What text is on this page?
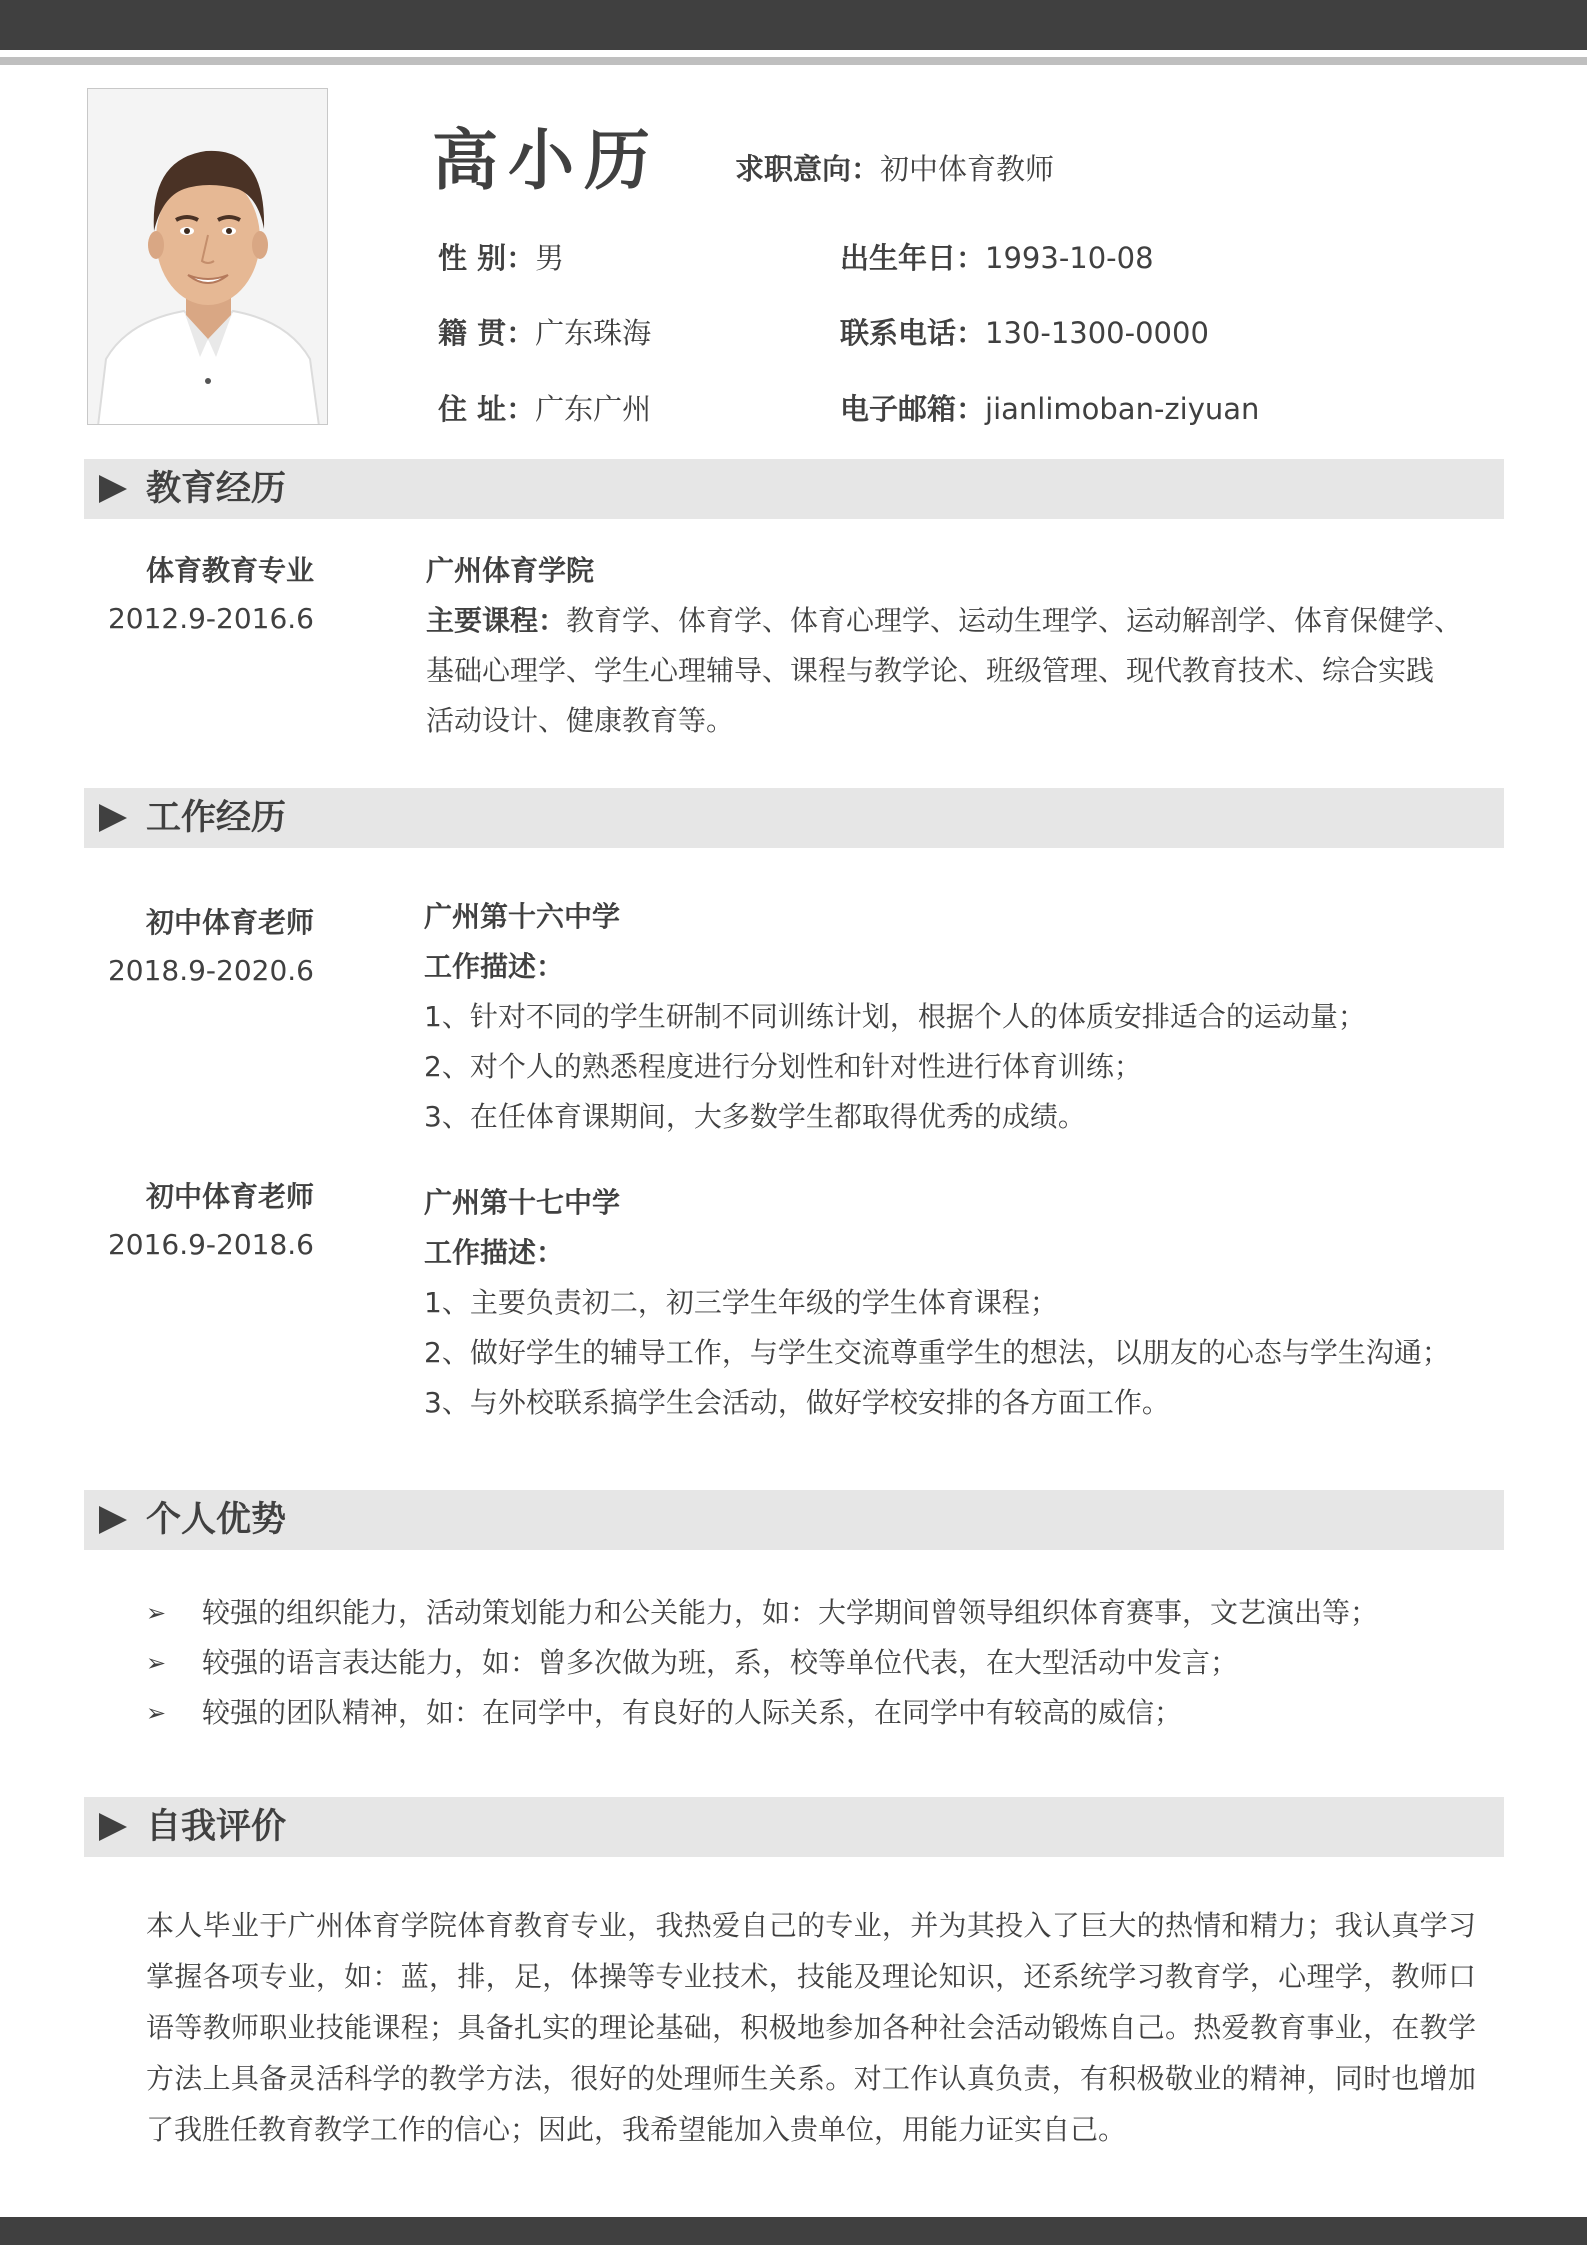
高小历	求职意向：初中体育教师
性 别：男	出生年日：1993-10-08
籍 贯：广东珠海	联系电话：130-1300-0000
住 址：广东广州	电子邮箱：jianlimoban-ziyuan
教育经历
体育教育专业
2012.9-2016.6
广州体育学院
主要课程：教育学、体育学、体育心理学、运动生理学、运动解剖学、体育保健学、
基础心理学、学生心理辅导、课程与教学论、班级管理、现代教育技术、综合实践
活动设计、健康教育等。
工作经历
初中体育老师
2018.9-2020.6
广州第十六中学
工作描述：
1、针对不同的学生研制不同训练计划，根据个人的体质安排适合的运动量；
2、对个人的熟悉程度进行分划性和针对性进行体育训练；
3、在任体育课期间，大多数学生都取得优秀的成绩。
初中体育老师
2016.9-2018.6
广州第十七中学
工作描述：
1、主要负责初二，初三学生年级的学生体育课程；
2、做好学生的辅导工作，与学生交流尊重学生的想法，以朋友的心态与学生沟通；
3、与外校联系搞学生会活动，做好学校安排的各方面工作。
个人优势
➢ 较强的组织能力，活动策划能力和公关能力，如：大学期间曾领导组织体育赛事，文艺演出等；
➢ 较强的语言表达能力，如：曾多次做为班，系，校等单位代表，在大型活动中发言；
➢ 较强的团队精神，如：在同学中，有良好的人际关系，在同学中有较高的威信；
自我评价
本人毕业于广州体育学院体育教育专业，我热爱自己的专业，并为其投入了巨大的热情和精力；我认真学习掌握各项专业，如：蓝，排，足，体操等专业技术，技能及理论知识，还系统学习教育学，心理学，教师口语等教师职业技能课程；具备扎实的理论基础，积极地参加各种社会活动锻炼自己。热爱教育事业，在教学方法上具备灵活科学的教学方法，很好的处理师生关系。对工作认真负责，有积极敬业的精神，同时也增加了我胜任教育教学工作的信心；因此，我希望能加入贵单位，用能力证实自己。
